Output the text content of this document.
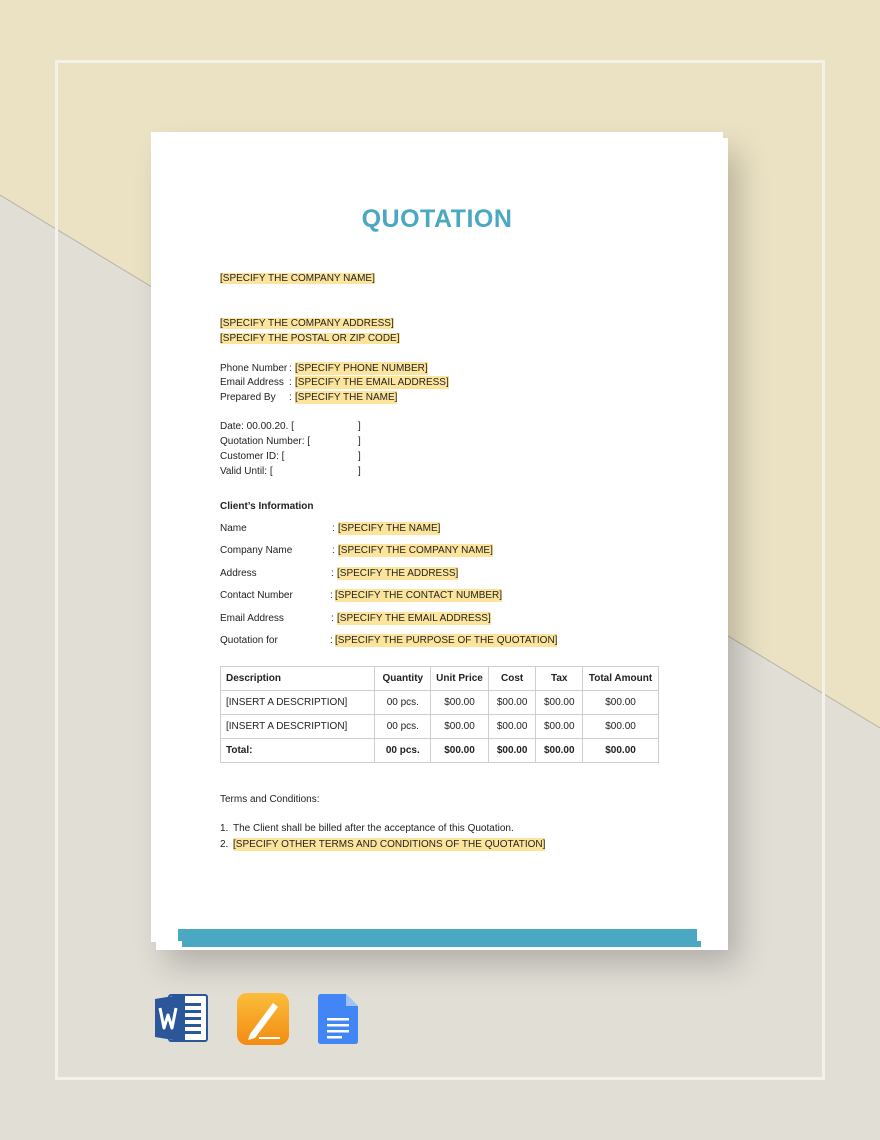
QUOTATION
[SPECIFY THE COMPANY NAME]
[SPECIFY THE COMPANY ADDRESS]
[SPECIFY THE POSTAL OR ZIP CODE]
Phone Number : [SPECIFY PHONE NUMBER]
Email Address : [SPECIFY THE EMAIL ADDRESS]
Prepared By : [SPECIFY THE NAME]
Date: 00.00.20. [	]
Quotation Number: [	]
Customer ID: [	]
Valid Until: [	]
Client’s Information
Name	: [SPECIFY THE NAME]
Company Name	: [SPECIFY THE COMPANY NAME]
Address	: [SPECIFY THE ADDRESS]
Contact Number	: [SPECIFY THE CONTACT NUMBER]
Email Address	: [SPECIFY THE EMAIL ADDRESS]
Quotation for	: [SPECIFY THE PURPOSE OF THE QUOTATION]
Description	Quantity	Unit Price	Cost	Tax	Total Amount
[INSERT A DESCRIPTION]	00 pcs.	$00.00	$00.00	$00.00	$00.00
[INSERT A DESCRIPTION]	00 pcs.	$00.00	$00.00	$00.00	$00.00
Total:	00 pcs.	$00.00	$00.00	$00.00	$00.00
Terms and Conditions:
1. The Client shall be billed after the acceptance of this Quotation.
2. [SPECIFY OTHER TERMS AND CONDITIONS OF THE QUOTATION]
